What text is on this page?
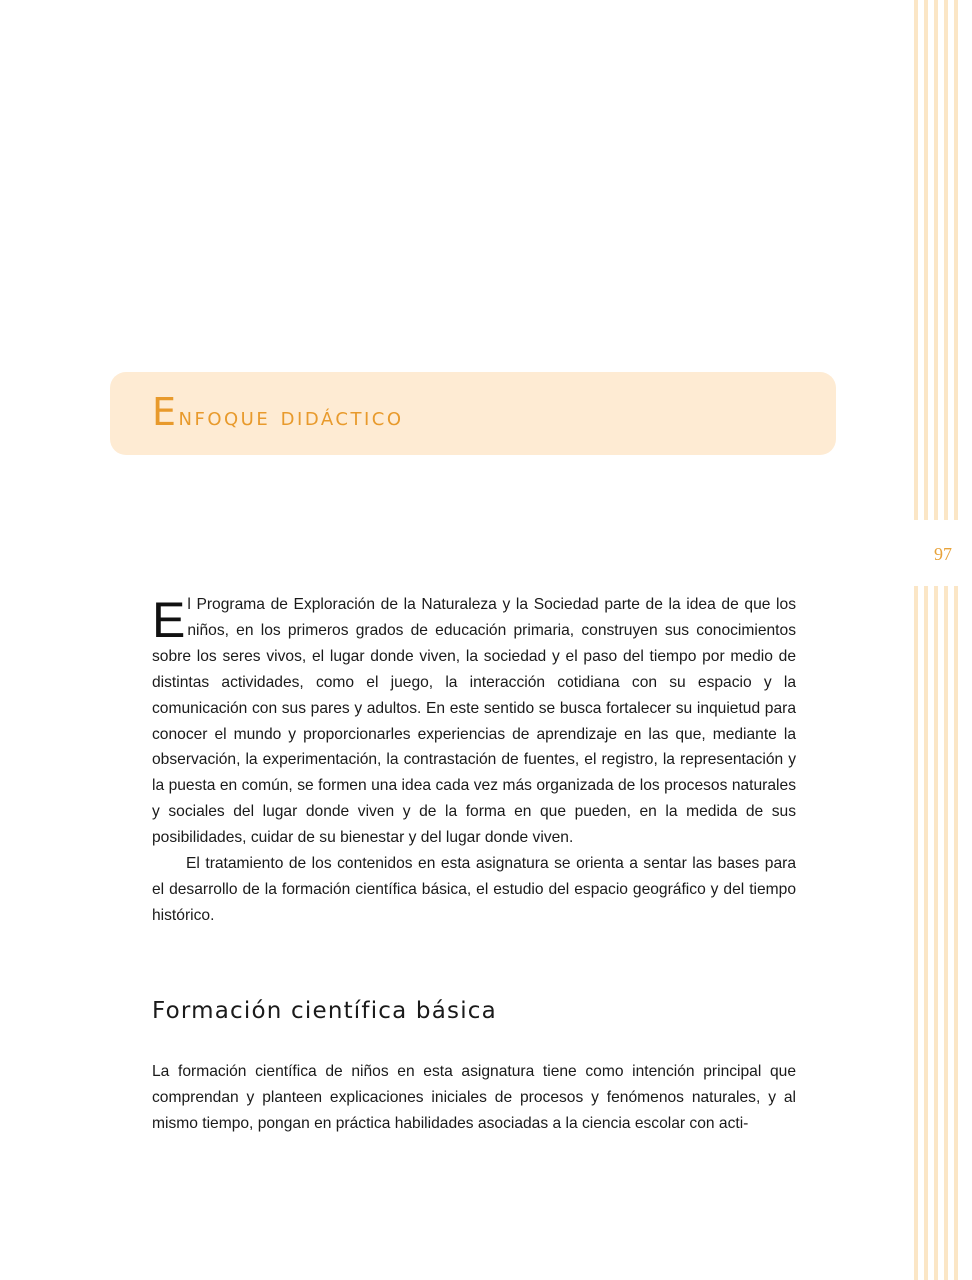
97
Enfoque didáctico

El Programa de Exploración de la Naturaleza y la Sociedad parte de la idea de que los niños, en los primeros grados de educación primaria, construyen sus conocimientos sobre los seres vivos, el lugar donde viven, la sociedad y el paso del tiempo por medio de distintas actividades, como el juego, la interacción cotidiana con su espacio y la comunicación con sus pares y adultos. En este sentido se busca fortalecer su inquietud para conocer el mundo y proporcionarles experiencias de aprendizaje en las que, mediante la observación, la experimentación, la contrastación de fuentes, el registro, la representación y la puesta en común, se formen una idea cada vez más organizada de los procesos naturales y sociales del lugar donde viven y de la forma en que pueden, en la medida de sus posibilidades, cuidar de su bienestar y del lugar donde viven.

El tratamiento de los contenidos en esta asignatura se orienta a sentar las bases para el desarrollo de la formación científica básica, el estudio del espacio geográfico y del tiempo histórico.

Formación científica básica

La formación científica de niños en esta asignatura tiene como intención principal que comprendan y planteen explicaciones iniciales de procesos y fenómenos naturales, y al mismo tiempo, pongan en práctica habilidades asociadas a la ciencia escolar con acti-
